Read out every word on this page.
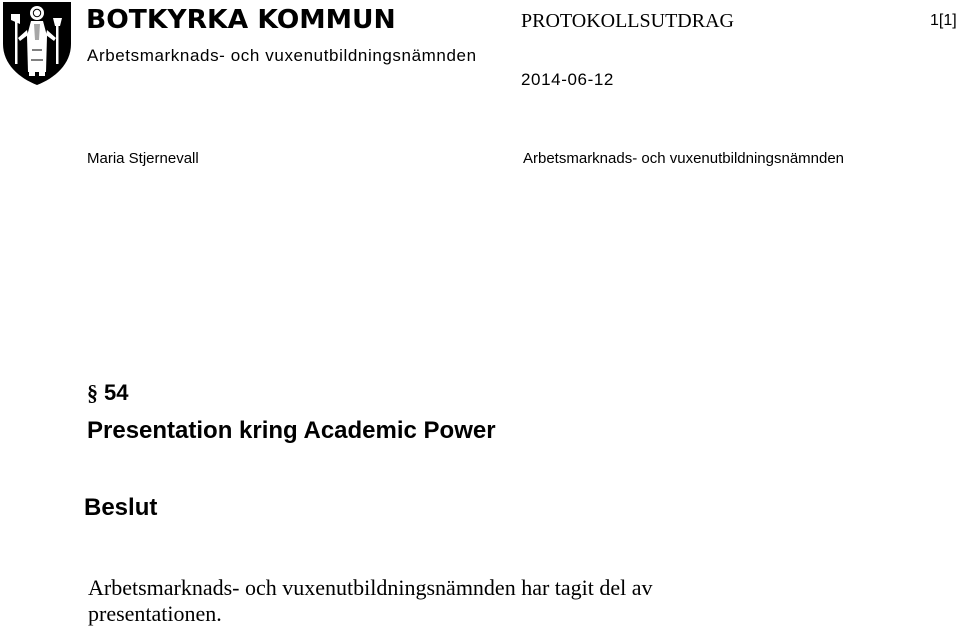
BOTKYRKA KOMMUN
Arbetsmarknads- och vuxenutbildningsnämnden
PROTOKOLLSUTDRAG	1[1]
2014-06-12
Maria Stjernevall	Arbetsmarknads- och vuxenutbildningsnämnden
§ 54
Presentation kring Academic Power
Beslut
Arbetsmarknads- och vuxenutbildningsnämnden har tagit del av
presentationen.
